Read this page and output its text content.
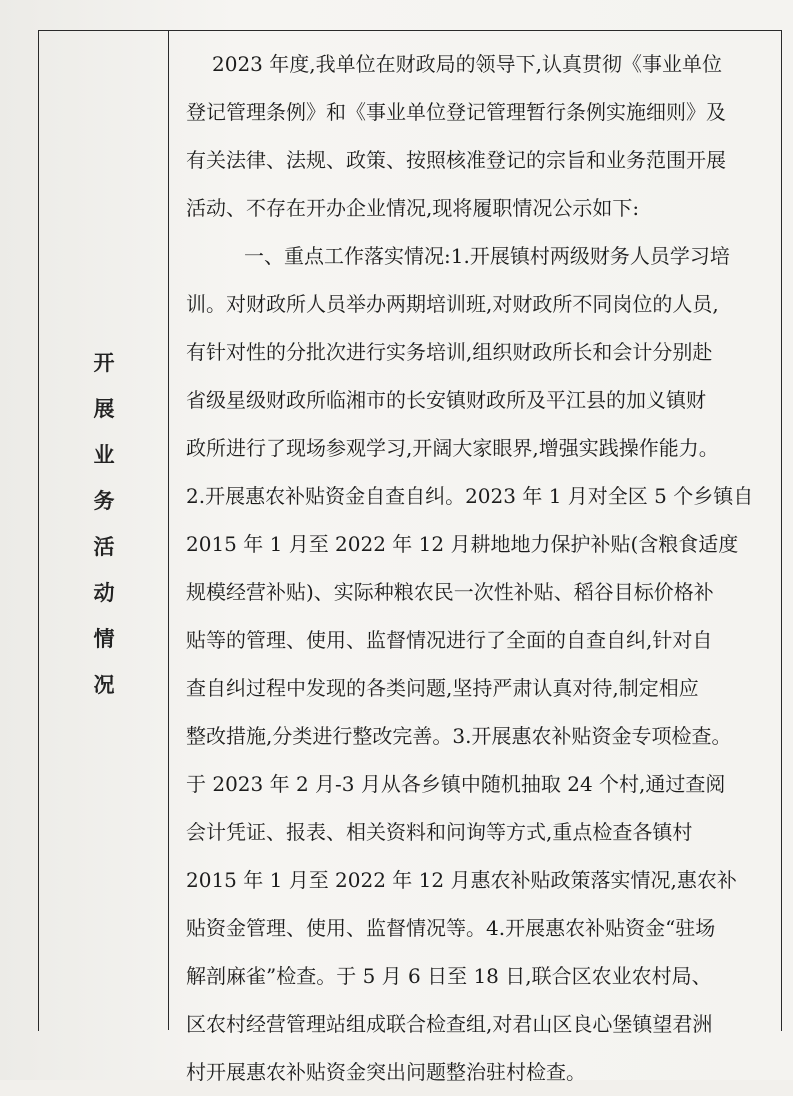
开
展
业
务
活
动
情
况
2023 年度,我单位在财政局的领导下,认真贯彻《事业单位
登记管理条例》和《事业单位登记管理暂行条例实施细则》及
有关法律、法规、政策、按照核准登记的宗旨和业务范围开展
活动、不存在开办企业情况,现将履职情况公示如下:
一、重点工作落实情况:1.开展镇村两级财务人员学习培
训。对财政所人员举办两期培训班,对财政所不同岗位的人员,
有针对性的分批次进行实务培训,组织财政所长和会计分别赴
省级星级财政所临湘市的长安镇财政所及平江县的加义镇财
政所进行了现场参观学习,开阔大家眼界,增强实践操作能力。
2.开展惠农补贴资金自查自纠。2023 年 1 月对全区 5 个乡镇自
2015 年 1 月至 2022 年 12 月耕地地力保护补贴(含粮食适度
规模经营补贴)、实际种粮农民一次性补贴、稻谷目标价格补
贴等的管理、使用、监督情况进行了全面的自查自纠,针对自
查自纠过程中发现的各类问题,坚持严肃认真对待,制定相应
整改措施,分类进行整改完善。3.开展惠农补贴资金专项检查。
于 2023 年 2 月-3 月从各乡镇中随机抽取 24 个村,通过查阅
会计凭证、报表、相关资料和问询等方式,重点检查各镇村
2015 年 1 月至 2022 年 12 月惠农补贴政策落实情况,惠农补
贴资金管理、使用、监督情况等。4.开展惠农补贴资金“驻场
解剖麻雀”检查。于 5 月 6 日至 18 日,联合区农业农村局、
区农村经营管理站组成联合检查组,对君山区良心堡镇望君洲
村开展惠农补贴资金突出问题整治驻村检查。
